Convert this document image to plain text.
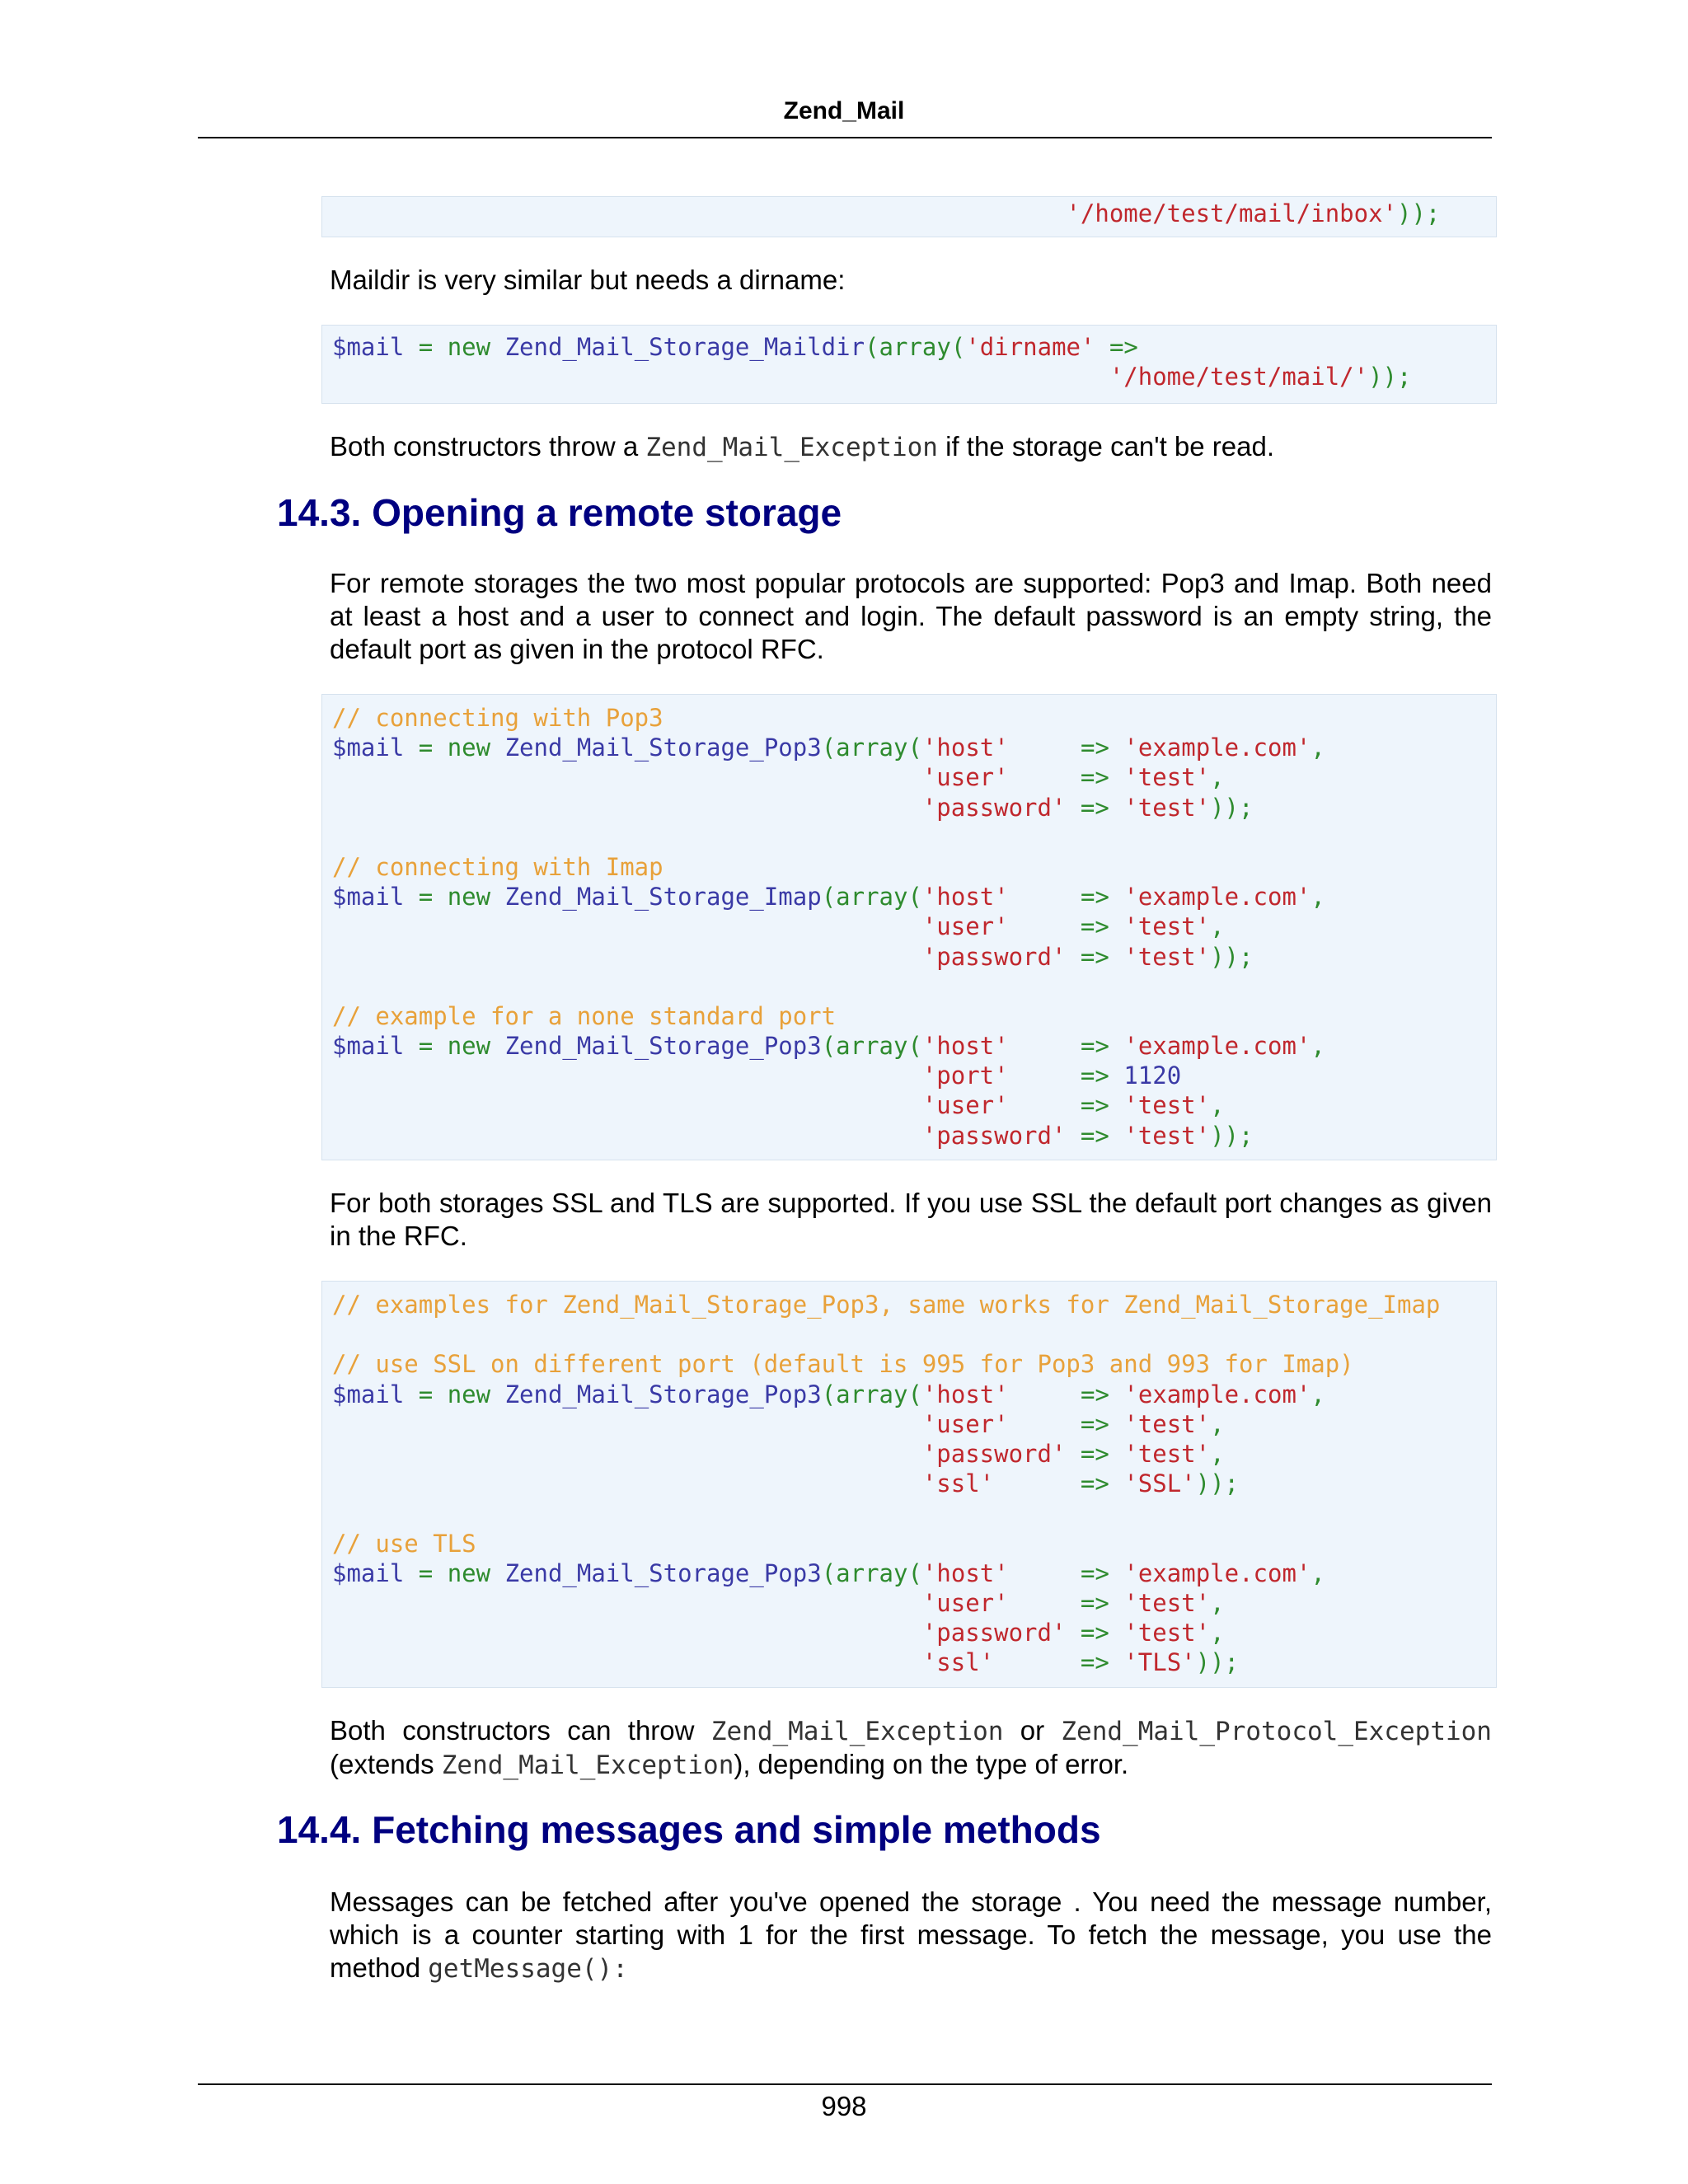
Zend_Mail
'/home/test/mail/inbox'));

Maildir is very similar but needs a dirname:

$mail = new Zend_Mail_Storage_Maildir(array('dirname' =>
'/home/test/mail/'));

Both constructors throw a Zend_Mail_Exception if the storage can't be read.

14.3. Opening a remote storage

For remote storages the two most popular protocols are supported: Pop3 and Imap. Both need at least a host and a user to connect and login. The default password is an empty string, the default port as given in the protocol RFC.

// connecting with Pop3
$mail = new Zend_Mail_Storage_Pop3(array('host'	=> 'example.com',
'user'	=> 'test',
'password' => 'test'));
// connecting with Imap
$mail = new Zend_Mail_Storage_Imap(array('host'	=> 'example.com',
'user'	=> 'test',
'password' => 'test'));
// example for a none standard port
$mail = new Zend_Mail_Storage_Pop3(array('host'	=> 'example.com',
'port'	=> 1120
'user'	=> 'test',
'password' => 'test'));

For both storages SSL and TLS are supported. If you use SSL the default port changes as given in the RFC.

// examples for Zend_Mail_Storage_Pop3, same works for Zend_Mail_Storage_Imap
// use SSL on different port (default is 995 for Pop3 and 993 for Imap)
$mail = new Zend_Mail_Storage_Pop3(array('host'	=> 'example.com',
'user'	=> 'test',
'password' => 'test',
'ssl'	=> 'SSL'));
// use TLS
$mail = new Zend_Mail_Storage_Pop3(array('host'	=> 'example.com',
'user'	=> 'test',
'password' => 'test',
'ssl'	=> 'TLS'));

Both constructors can throw Zend_Mail_Exception or Zend_Mail_Protocol_Exception (extends Zend_Mail_Exception), depending on the type of error.

14.4. Fetching messages and simple methods

Messages can be fetched after you've opened the storage . You need the message number, which is a counter starting with 1 for the first message. To fetch the message, you use the method getMessage():

998
